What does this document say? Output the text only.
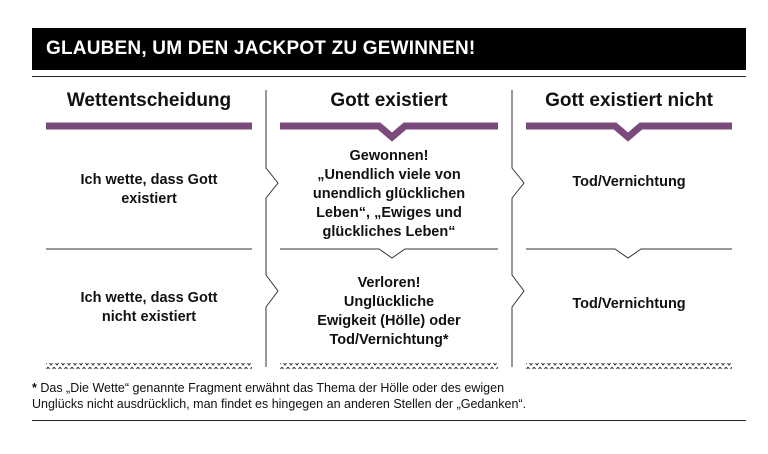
GLAUBEN, UM DEN JACKPOT ZU GEWINNEN!
Wettentscheidung	Gott existiert	Gott existiert nicht
Ich wette, dass Gott
existiert
Gewonnen!
„Unendlich viele von
unendlich glücklichen
Leben“, „Ewiges und
glückliches Leben“
Tod/Vernichtung
Ich wette, dass Gott
nicht existiert
Verloren!
Unglückliche
Ewigkeit (Hölle) oder
Tod/Vernichtung*
Tod/Vernichtung
* Das „Die Wette“ genannte Fragment erwähnt das Thema der Hölle oder des ewigen
Unglücks nicht ausdrücklich, man findet es hingegen an anderen Stellen der „Gedanken“.
